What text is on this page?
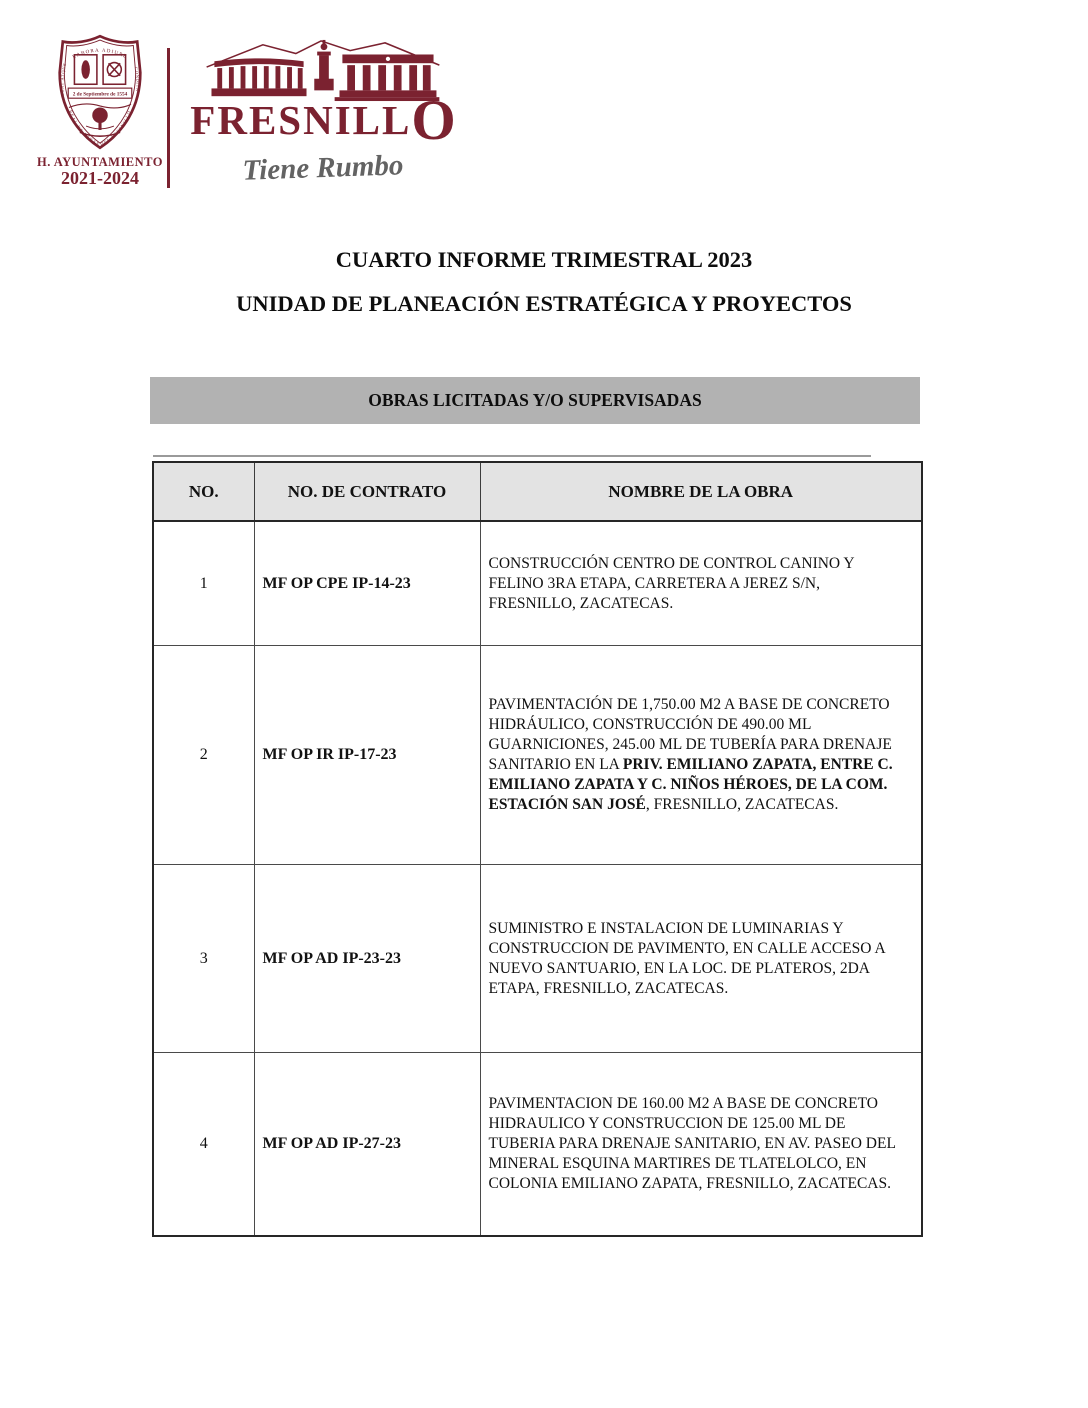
LABORA ADIURE
ORAT ATQUE
CONDITA
REAL DE MINAS DEL FRESNILLO
2 de Septiembre de 1554
H. AYUNTAMIENTO
2021-2024
FRESNILLO
Tiene Rumbo
CUARTO INFORME TRIMESTRAL 2023
UNIDAD DE PLANEACIÓN ESTRATÉGICA Y PROYECTOS
OBRAS LICITADAS Y/O SUPERVISADAS
NO.	NO. DE CONTRATO	NOMBRE DE LA OBRA
1	MF OP CPE IP-14-23	CONSTRUCCIÓN CENTRO DE CONTROL CANINO Y FELINO 3RA ETAPA, CARRETERA A JEREZ S/N, FRESNILLO, ZACATECAS.
2	MF OP IR IP-17-23	PAVIMENTACIÓN DE 1,750.00 M2 A BASE DE CONCRETO HIDRÁULICO, CONSTRUCCIÓN DE 490.00 ML GUARNICIONES, 245.00 ML DE TUBERÍA PARA DRENAJE SANITARIO EN LA PRIV. EMILIANO ZAPATA, ENTRE C. EMILIANO ZAPATA Y C. NIÑOS HÉROES, DE LA COM. ESTACIÓN SAN JOSÉ, FRESNILLO, ZACATECAS.
3	MF OP AD IP-23-23	SUMINISTRO E INSTALACION DE LUMINARIAS Y CONSTRUCCION DE PAVIMENTO, EN CALLE ACCESO A NUEVO SANTUARIO, EN LA LOC. DE PLATEROS, 2DA ETAPA, FRESNILLO, ZACATECAS.
4	MF OP AD IP-27-23	PAVIMENTACION DE 160.00 M2 A BASE DE CONCRETO HIDRAULICO Y CONSTRUCCION DE 125.00 ML DE TUBERIA PARA DRENAJE SANITARIO, EN AV. PASEO DEL MINERAL ESQUINA MARTIRES DE TLATELOLCO, EN COLONIA EMILIANO ZAPATA, FRESNILLO, ZACATECAS.
